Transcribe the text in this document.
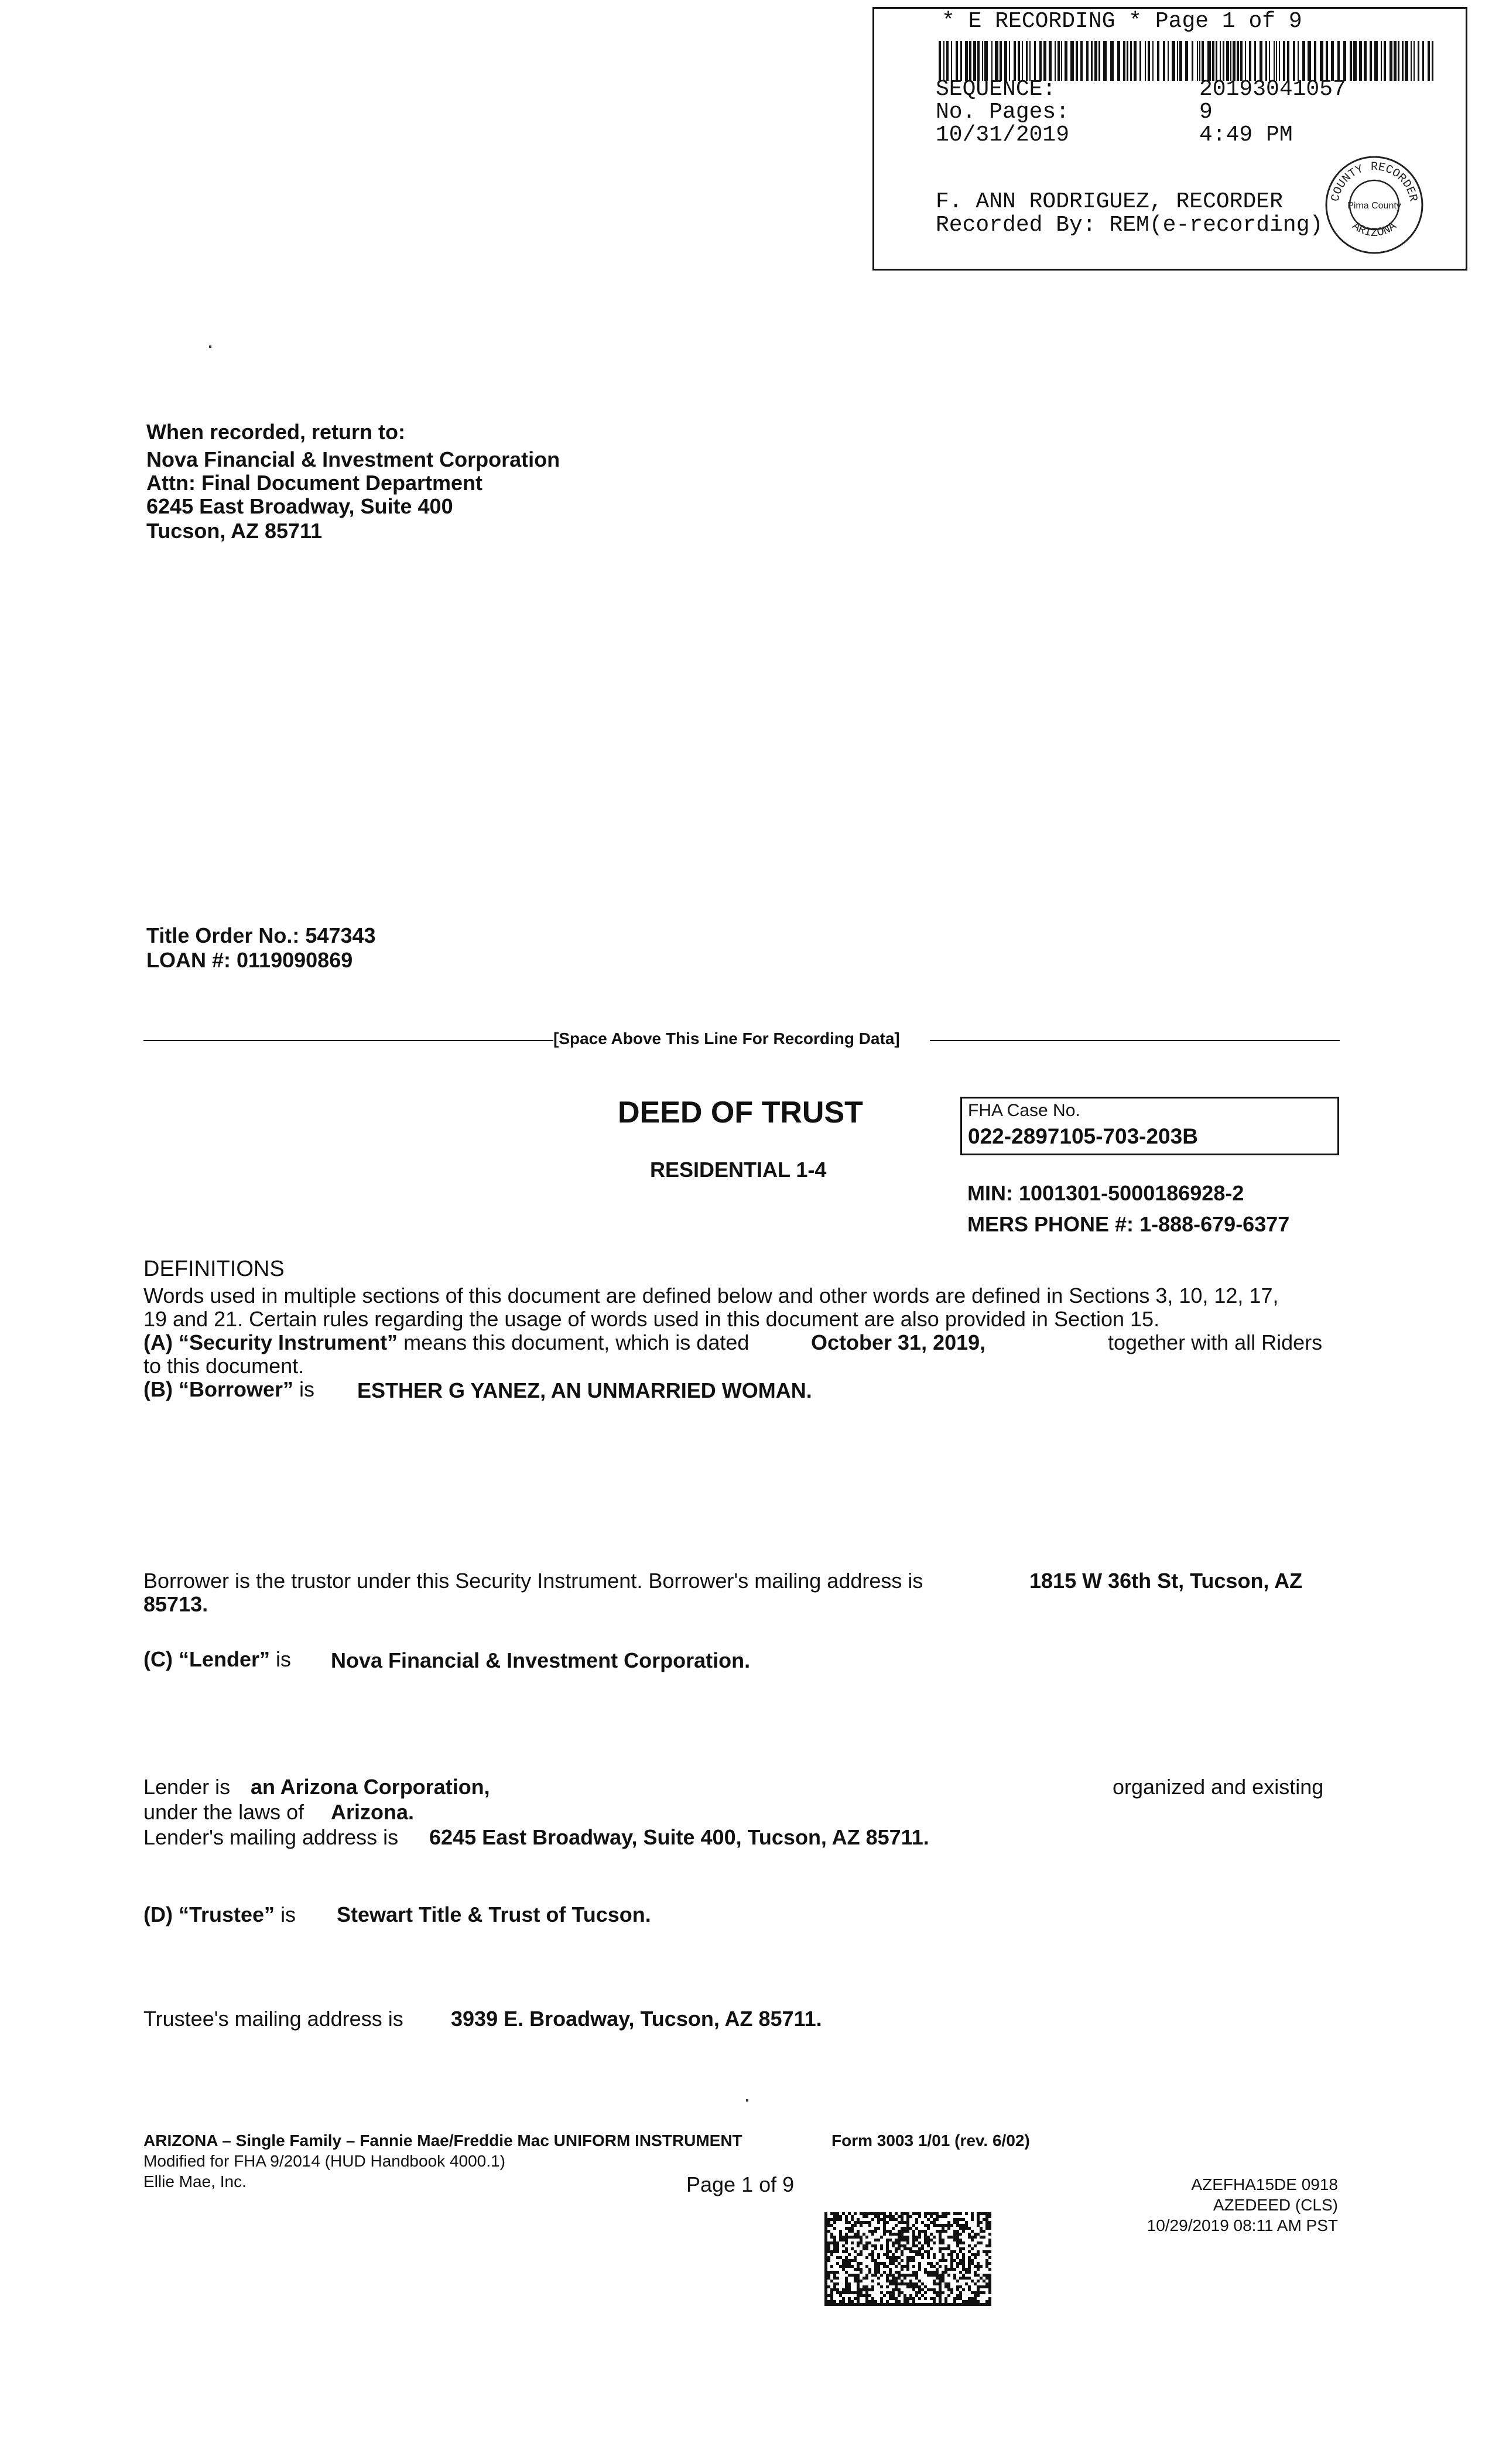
* E RECORDING * Page 1 of 9
SEQUENCE:	20193041057
No. Pages:	9
10/31/2019	4:49 PM
F. ANN RODRIGUEZ, RECORDER
Recorded By: REM(e-recording)
COUNTY RECORDER
ARIZONA
Pima County
When recorded, return to:
Nova Financial & Investment Corporation
Attn: Final Document Department
6245 East Broadway, Suite 400
Tucson, AZ 85711
Title Order No.: 547343
LOAN #: 0119090869
[Space Above This Line For Recording Data]
DEED OF TRUST
RESIDENTIAL 1-4
FHA Case No.
022-2897105-703-203B
MIN: 1001301-5000186928-2
MERS PHONE #: 1-888-679-6377
DEFINITIONS
Words used in multiple sections of this document are defined below and other words are defined in Sections 3, 10, 12, 17,
19 and 21. Certain rules regarding the usage of words used in this document are also provided in Section 15.
(A) “Security Instrument” means this document, which is dated	October 31, 2019,	together with all Riders
to this document.
(B) “Borrower” is ESTHER G YANEZ, AN UNMARRIED WOMAN.
Borrower is the trustor under this Security Instrument. Borrower's mailing address is	1815 W 36th St, Tucson, AZ
85713.
(C) “Lender” is Nova Financial & Investment Corporation.
Lender is an Arizona Corporation,	organized and existing
under the laws of Arizona.
Lender's mailing address is 6245 East Broadway, Suite 400, Tucson, AZ 85711.
(D) “Trustee” is Stewart Title & Trust of Tucson.
Trustee's mailing address is 3939 E. Broadway, Tucson, AZ 85711.
ARIZONA – Single Family – Fannie Mae/Freddie Mac UNIFORM INSTRUMENT	Form 3003 1/01 (rev. 6/02)
Modified for FHA 9/2014 (HUD Handbook 4000.1)
Ellie Mae, Inc.	Page 1 of 9	AZEFHA15DE 0918
AZEDEED (CLS)
10/29/2019 08:11 AM PST
